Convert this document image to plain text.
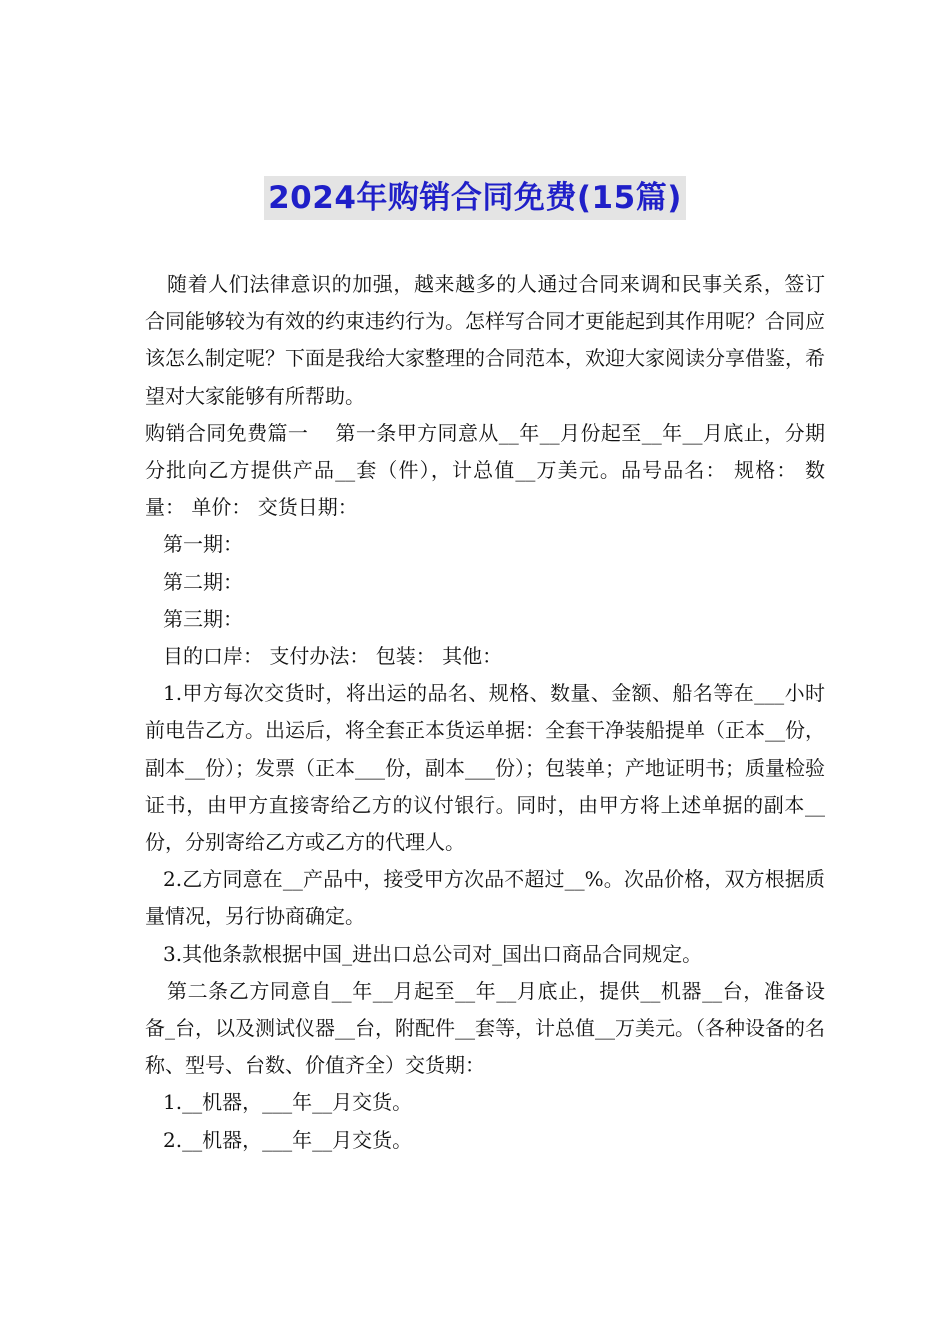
2024年购销合同免费(15篇)

随着人们法律意识的加强，越来越多的人通过合同来调和民事关系，签订合同能够较为有效的约束违约行为。怎样写合同才更能起到其作用呢？合同应该怎么制定呢？下面是我给大家整理的合同范本，欢迎大家阅读分享借鉴，希望对大家能够有所帮助。

购销合同免费篇一　 第一条甲方同意从__年__月份起至__年__月底止，分期分批向乙方提供产品__套（件），计总值__万美元。品号品名： 规格： 数量： 单价： 交货日期：

第一期：

第二期：

第三期：

目的口岸： 支付办法： 包装： 其他：

1.甲方每次交货时，将出运的品名、规格、数量、金额、船名等在___小时前电告乙方。出运后，将全套正本货运单据：全套干净装船提单（正本__份，副本__份）；发票（正本___份，副本___份）；包装单；产地证明书；质量检验证书，由甲方直接寄给乙方的议付银行。同时，由甲方将上述单据的副本__份，分别寄给乙方或乙方的代理人。

2.乙方同意在__产品中，接受甲方次品不超过__%。次品价格，双方根据质量情况，另行协商确定。

3.其他条款根据中国_进出口总公司对_国出口商品合同规定。

第二条乙方同意自__年__月起至__年__月底止，提供__机器__台，准备设备_台，以及测试仪器__台，附配件__套等，计总值__万美元。（各种设备的名称、型号、台数、价值齐全）交货期：

1.__机器，___年__月交货。

2.__机器，___年__月交货。
